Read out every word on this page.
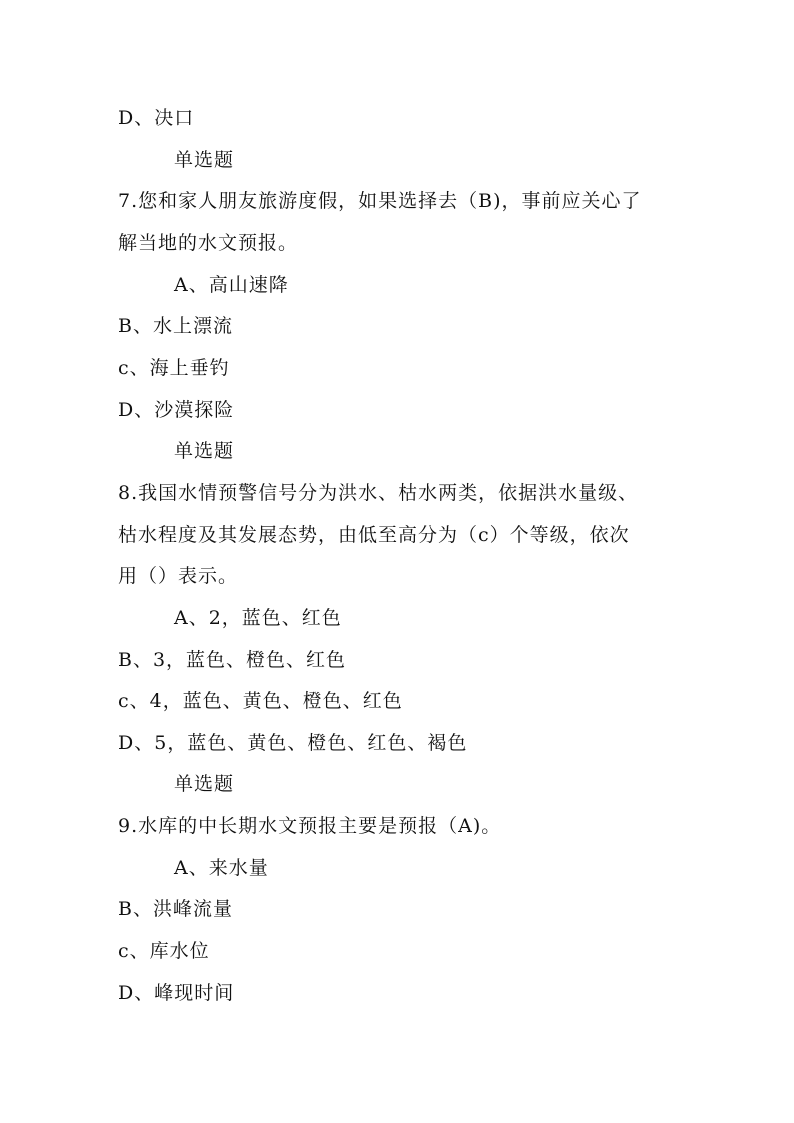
D、决口
单选题
7.您和家人朋友旅游度假，如果选择去（B)，事前应关心了
解当地的水文预报。
A、高山速降
B、水上漂流
c、海上垂钓
D、沙漠探险
单选题
8.我国水情预警信号分为洪水、枯水两类，依据洪水量级、
枯水程度及其发展态势，由低至高分为（c）个等级，依次
用（）表示。
A、2，蓝色、红色
B、3，蓝色、橙色、红色
c、4，蓝色、黄色、橙色、红色
D、5，蓝色、黄色、橙色、红色、褐色
单选题
9.水库的中长期水文预报主要是预报（A)。
A、来水量
B、洪峰流量
c、库水位
D、峰现时间
